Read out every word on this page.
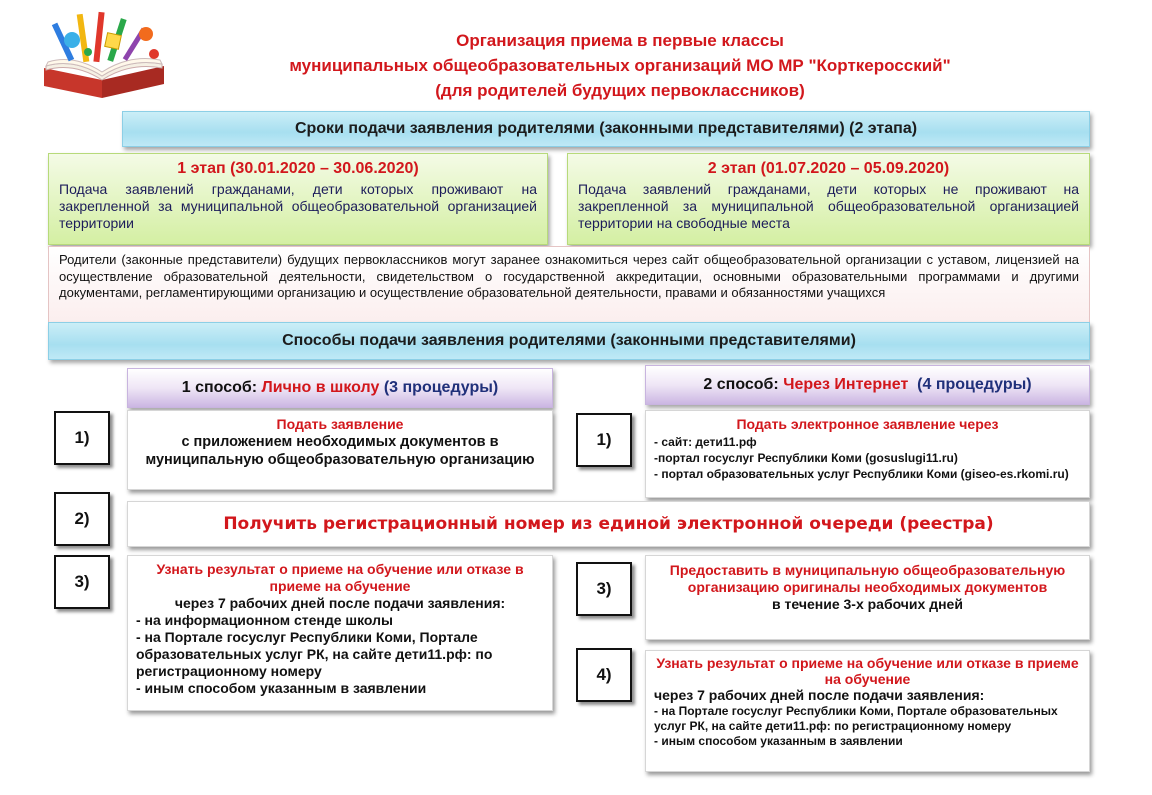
Организация приема в первые классы
муниципальных общеобразовательных организаций МО МР "Корткеросский"
(для родителей будущих первоклассников)
Сроки подачи заявления родителями (законными представителями) (2 этапа)
1 этап (30.01.2020 – 30.06.2020)
Подача заявлений гражданами, дети которых проживают на закрепленной за муниципальной общеобразовательной организацией территории
2 этап (01.07.2020 – 05.09.2020)
Подача заявлений гражданами, дети которых не проживают на закрепленной за муниципальной общеобразовательной организацией территории на свободные места
Родители (законные представители) будущих первоклассников могут заранее ознакомиться через сайт общеобразовательной организации с уставом, лицензией на осуществление образовательной деятельности, свидетельством о государственной аккредитации, основными образовательными программами и другими документами, регламентирующими организацию и осуществление образовательной деятельности, правами и обязанностями учащихся
Способы подачи заявления родителями (законными представителями)
1 способ: Лично в школу (3 процедуры)	2 способ: Через Интернет (4 процедуры)
1)
2)
3)
1)
3)
4)
Подать заявление
с приложением необходимых документов в муниципальную общеобразовательную организацию
Подать электронное заявление через
- сайт: дети11.рф
-портал госуслуг Республики Коми (gosuslugi11.ru)
- портал образовательных услуг Республики Коми (giseo-es.rkomi.ru)
Получить регистрационный номер из единой электронной очереди (реестра)
Узнать результат о приеме на обучение или отказе в приеме на обучение
через 7 рабочих дней после подачи заявления:
- на информационном стенде школы
- на Портале госуслуг Республики Коми, Портале образовательных услуг РК, на сайте дети11.рф: по регистрационному номеру
- иным способом указанным в заявлении
Предоставить в муниципальную общеобразовательную организацию оригиналы необходимых документов
в течение 3-х рабочих дней
Узнать результат о приеме на обучение или отказе в приеме на обучение
через 7 рабочих дней после подачи заявления:
- на Портале госуслуг Республики Коми, Портале образовательных услуг РК, на сайте дети11.рф: по регистрационному номеру
- иным способом указанным в заявлении
